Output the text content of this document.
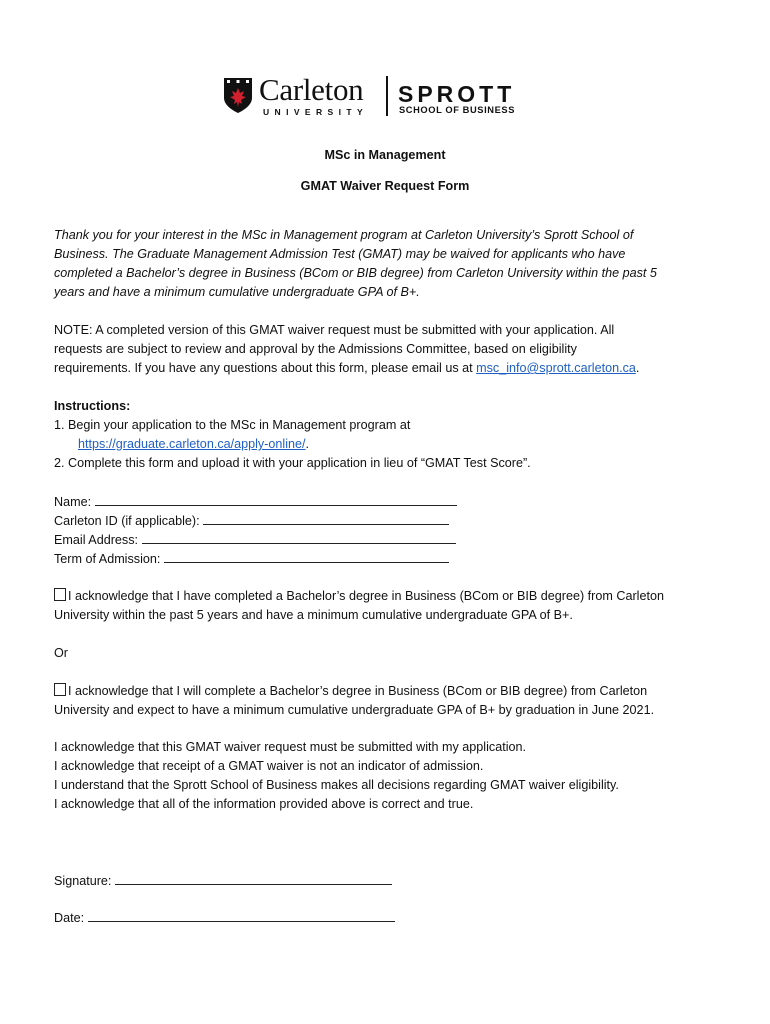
Carleton
UNIVERSITY
SPROTT
SCHOOL OF BUSINESS
MSc in Management
GMAT Waiver Request Form
Thank you for your interest in the MSc in Management program at Carleton University’s Sprott School of
Business. The Graduate Management Admission Test (GMAT) may be waived for applicants who have
completed a Bachelor’s degree in Business (BCom or BIB degree) from Carleton University within the past 5
years and have a minimum cumulative undergraduate GPA of B+.
NOTE: A completed version of this GMAT waiver request must be submitted with your application. All
requests are subject to review and approval by the Admissions Committee, based on eligibility
requirements. If you have any questions about this form, please email us at msc_info@sprott.carleton.ca.
Instructions:
1. Begin your application to the MSc in Management program at
https://graduate.carleton.ca/apply-online/.
2. Complete this form and upload it with your application in lieu of “GMAT Test Score”.
Name:
Carleton ID (if applicable):
Email Address:
Term of Admission:
I acknowledge that I have completed a Bachelor’s degree in Business (BCom or BIB degree) from Carleton
University within the past 5 years and have a minimum cumulative undergraduate GPA of B+.
Or
I acknowledge that I will complete a Bachelor’s degree in Business (BCom or BIB degree) from Carleton
University and expect to have a minimum cumulative undergraduate GPA of B+ by graduation in June 2021.
I acknowledge that this GMAT waiver request must be submitted with my application.
I acknowledge that receipt of a GMAT waiver is not an indicator of admission.
I understand that the Sprott School of Business makes all decisions regarding GMAT waiver eligibility.
I acknowledge that all of the information provided above is correct and true.
Signature:
Date:
